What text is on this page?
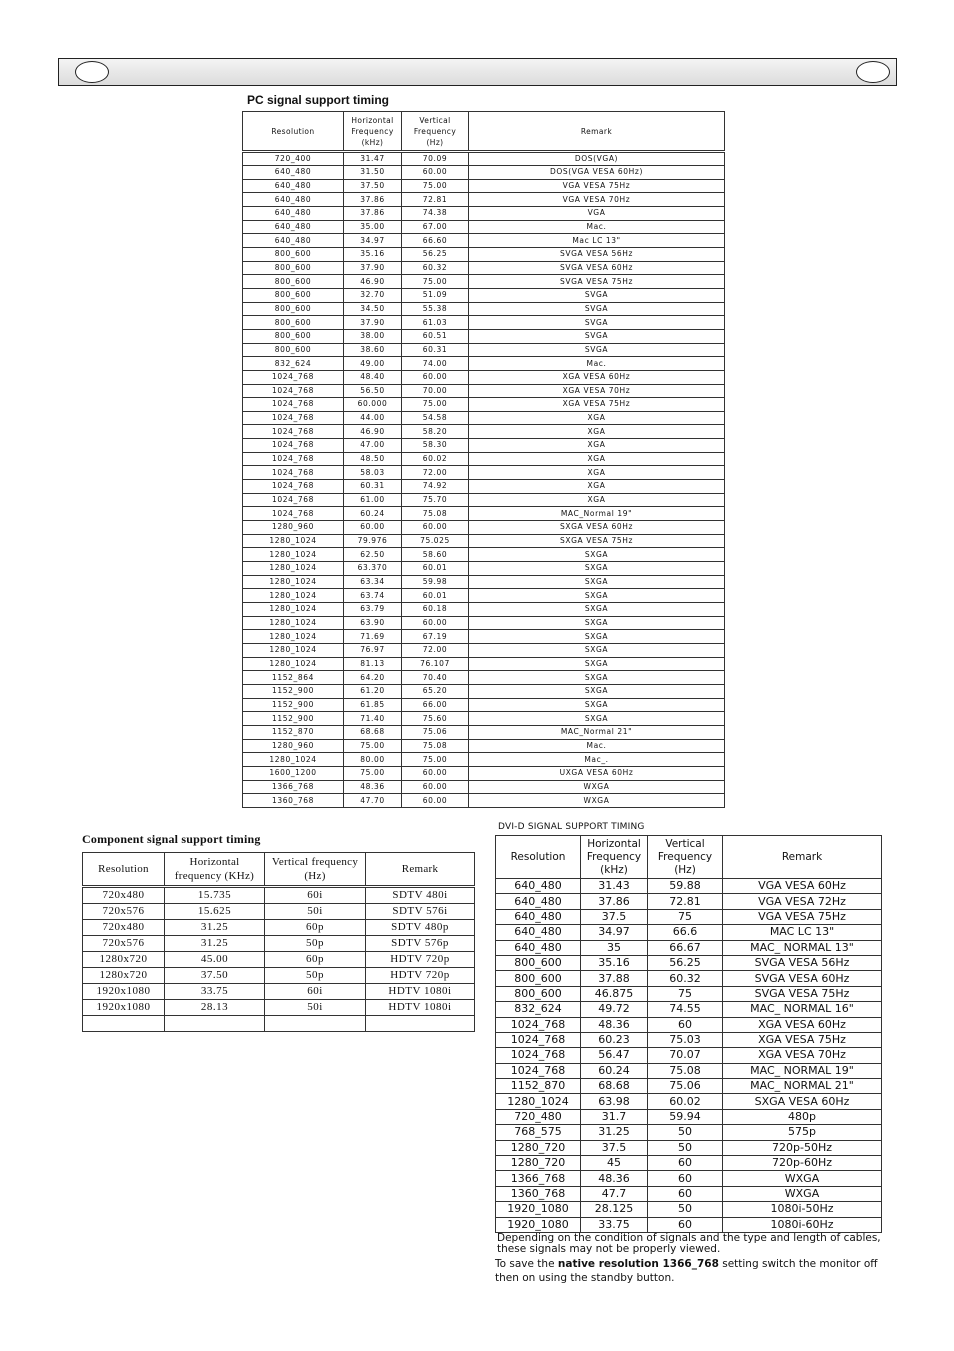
PC signal support timing
Resolution	Horizontal
Frequency
(kHz)	Vertical
Frequency
(Hz)	Remark
720_400	31.47	70.09	DOS(VGA)
640_480	31.50	60.00	DOS(VGA VESA 60Hz)
640_480	37.50	75.00	VGA VESA 75Hz
640_480	37.86	72.81	VGA VESA 70Hz
640_480	37.86	74.38	VGA
640_480	35.00	67.00	Mac.
640_480	34.97	66.60	Mac LC 13"
800_600	35.16	56.25	SVGA VESA 56Hz
800_600	37.90	60.32	SVGA VESA 60Hz
800_600	46.90	75.00	SVGA VESA 75Hz
800_600	32.70	51.09	SVGA
800_600	34.50	55.38	SVGA
800_600	37.90	61.03	SVGA
800_600	38.00	60.51	SVGA
800_600	38.60	60.31	SVGA
832_624	49.00	74.00	Mac.
1024_768	48.40	60.00	XGA VESA 60Hz
1024_768	56.50	70.00	XGA VESA 70Hz
1024_768	60.000	75.00	XGA VESA 75Hz
1024_768	44.00	54.58	XGA
1024_768	46.90	58.20	XGA
1024_768	47.00	58.30	XGA
1024_768	48.50	60.02	XGA
1024_768	58.03	72.00	XGA
1024_768	60.31	74.92	XGA
1024_768	61.00	75.70	XGA
1024_768	60.24	75.08	MAC_Normal 19"
1280_960	60.00	60.00	SXGA VESA 60Hz
1280_1024	79.976	75.025	SXGA VESA 75Hz
1280_1024	62.50	58.60	SXGA
1280_1024	63.370	60.01	SXGA
1280_1024	63.34	59.98	SXGA
1280_1024	63.74	60.01	SXGA
1280_1024	63.79	60.18	SXGA
1280_1024	63.90	60.00	SXGA
1280_1024	71.69	67.19	SXGA
1280_1024	76.97	72.00	SXGA
1280_1024	81.13	76.107	SXGA
1152_864	64.20	70.40	SXGA
1152_900	61.20	65.20	SXGA
1152_900	61.85	66.00	SXGA
1152_900	71.40	75.60	SXGA
1152_870	68.68	75.06	MAC_Normal 21"
1280_960	75.00	75.08	Mac.
1280_1024	80.00	75.00	Mac_.
1600_1200	75.00	60.00	UXGA VESA 60Hz
1366_768	48.36	60.00	WXGA
1360_768	47.70	60.00	WXGA
Component signal support timing
Resolution	Horizontal
frequency (KHz)	Vertical frequency
(Hz)	Remark
720x480	15.735	60i	SDTV 480i
720x576	15.625	50i	SDTV 576i
720x480	31.25	60p	SDTV 480p
720x576	31.25	50p	SDTV 576p
1280x720	45.00	60p	HDTV 720p
1280x720	37.50	50p	HDTV 720p
1920x1080	33.75	60i	HDTV 1080i
1920x1080	28.13	50i	HDTV 1080i

DVI-D SIGNAL SUPPORT TIMING
Resolution	Horizontal
Frequency
(kHz)	Vertical
Frequency
(Hz)	Remark
640_480	31.43	59.88	VGA VESA 60Hz
640_480	37.86	72.81	VGA VESA 72Hz
640_480	37.5	75	VGA VESA 75Hz
640_480	34.97	66.6	MAC LC 13"
640_480	35	66.67	MAC_ NORMAL 13"
800_600	35.16	56.25	SVGA VESA 56Hz
800_600	37.88	60.32	SVGA VESA 60Hz
800_600	46.875	75	SVGA VESA 75Hz
832_624	49.72	74.55	MAC_ NORMAL 16"
1024_768	48.36	60	XGA VESA 60Hz
1024_768	60.23	75.03	XGA VESA 75Hz
1024_768	56.47	70.07	XGA VESA 70Hz
1024_768	60.24	75.08	MAC_ NORMAL 19"
1152_870	68.68	75.06	MAC_ NORMAL 21"
1280_1024	63.98	60.02	SXGA VESA 60Hz
720_480	31.7	59.94	480p
768_575	31.25	50	575p
1280_720	37.5	50	720p-50Hz
1280_720	45	60	720p-60Hz
1366_768	48.36	60	WXGA
1360_768	47.7	60	WXGA
1920_1080	28.125	50	1080i-50Hz
1920_1080	33.75	60	1080i-60Hz
Depending on the condition of signals and the type and length of cables, these signals may not be properly viewed.
To save the native resolution 1366_768 setting switch the monitor off then on using the standby button.
